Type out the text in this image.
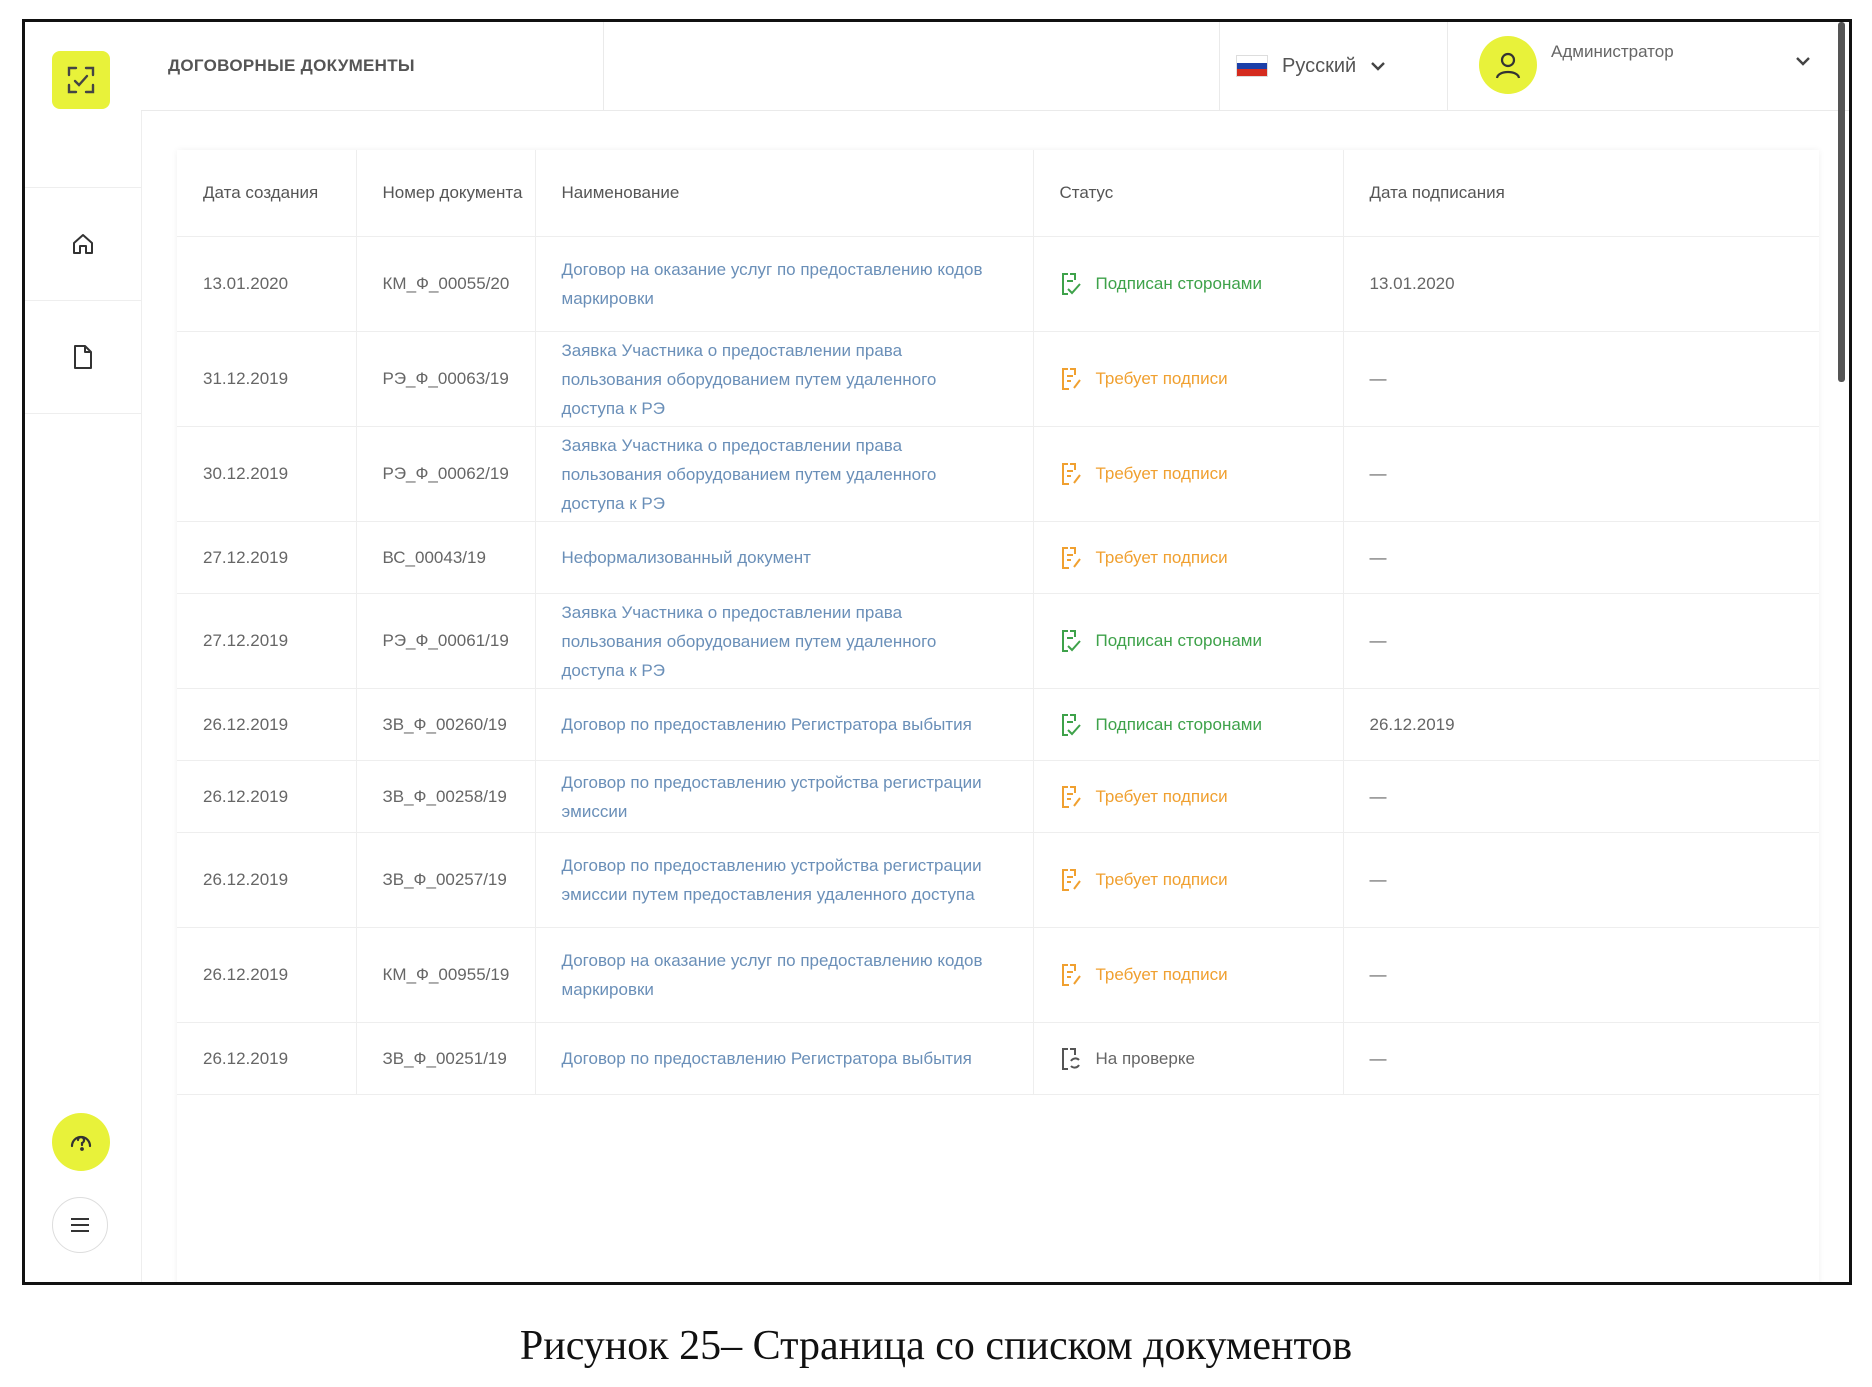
ДОГОВОРНЫЕ ДОКУМЕНТЫ	Русский
Администратор
Дата создания	Номер документа	Наименование	Статус	Дата подписания
13.01.2020	КМ_Ф_00055/20	Договор на оказание услуг по предоставлению кодов маркировки	Подписан сторонами	13.01.2020
31.12.2019	РЭ_Ф_00063/19	Заявка Участника о предоставлении права пользования оборудованием путем удаленного доступа к РЭ	Требует подписи	—
30.12.2019	РЭ_Ф_00062/19	Заявка Участника о предоставлении права пользования оборудованием путем удаленного доступа к РЭ	Требует подписи	—
27.12.2019	ВС_00043/19	Неформализованный документ	Требует подписи	—
27.12.2019	РЭ_Ф_00061/19	Заявка Участника о предоставлении права пользования оборудованием путем удаленного доступа к РЭ	Подписан сторонами	—
26.12.2019	ЗВ_Ф_00260/19	Договор по предоставлению Регистратора выбытия	Подписан сторонами	26.12.2019
26.12.2019	ЗВ_Ф_00258/19	Договор по предоставлению устройства регистрации эмиссии	Требует подписи	—
26.12.2019	ЗВ_Ф_00257/19	Договор по предоставлению устройства регистрации эмиссии путем предоставления удаленного доступа	Требует подписи	—
26.12.2019	КМ_Ф_00955/19	Договор на оказание услуг по предоставлению кодов маркировки	Требует подписи	—
26.12.2019	ЗВ_Ф_00251/19	Договор по предоставлению Регистратора выбытия	На проверке	—
Рисунок 25– Страница со списком документов
